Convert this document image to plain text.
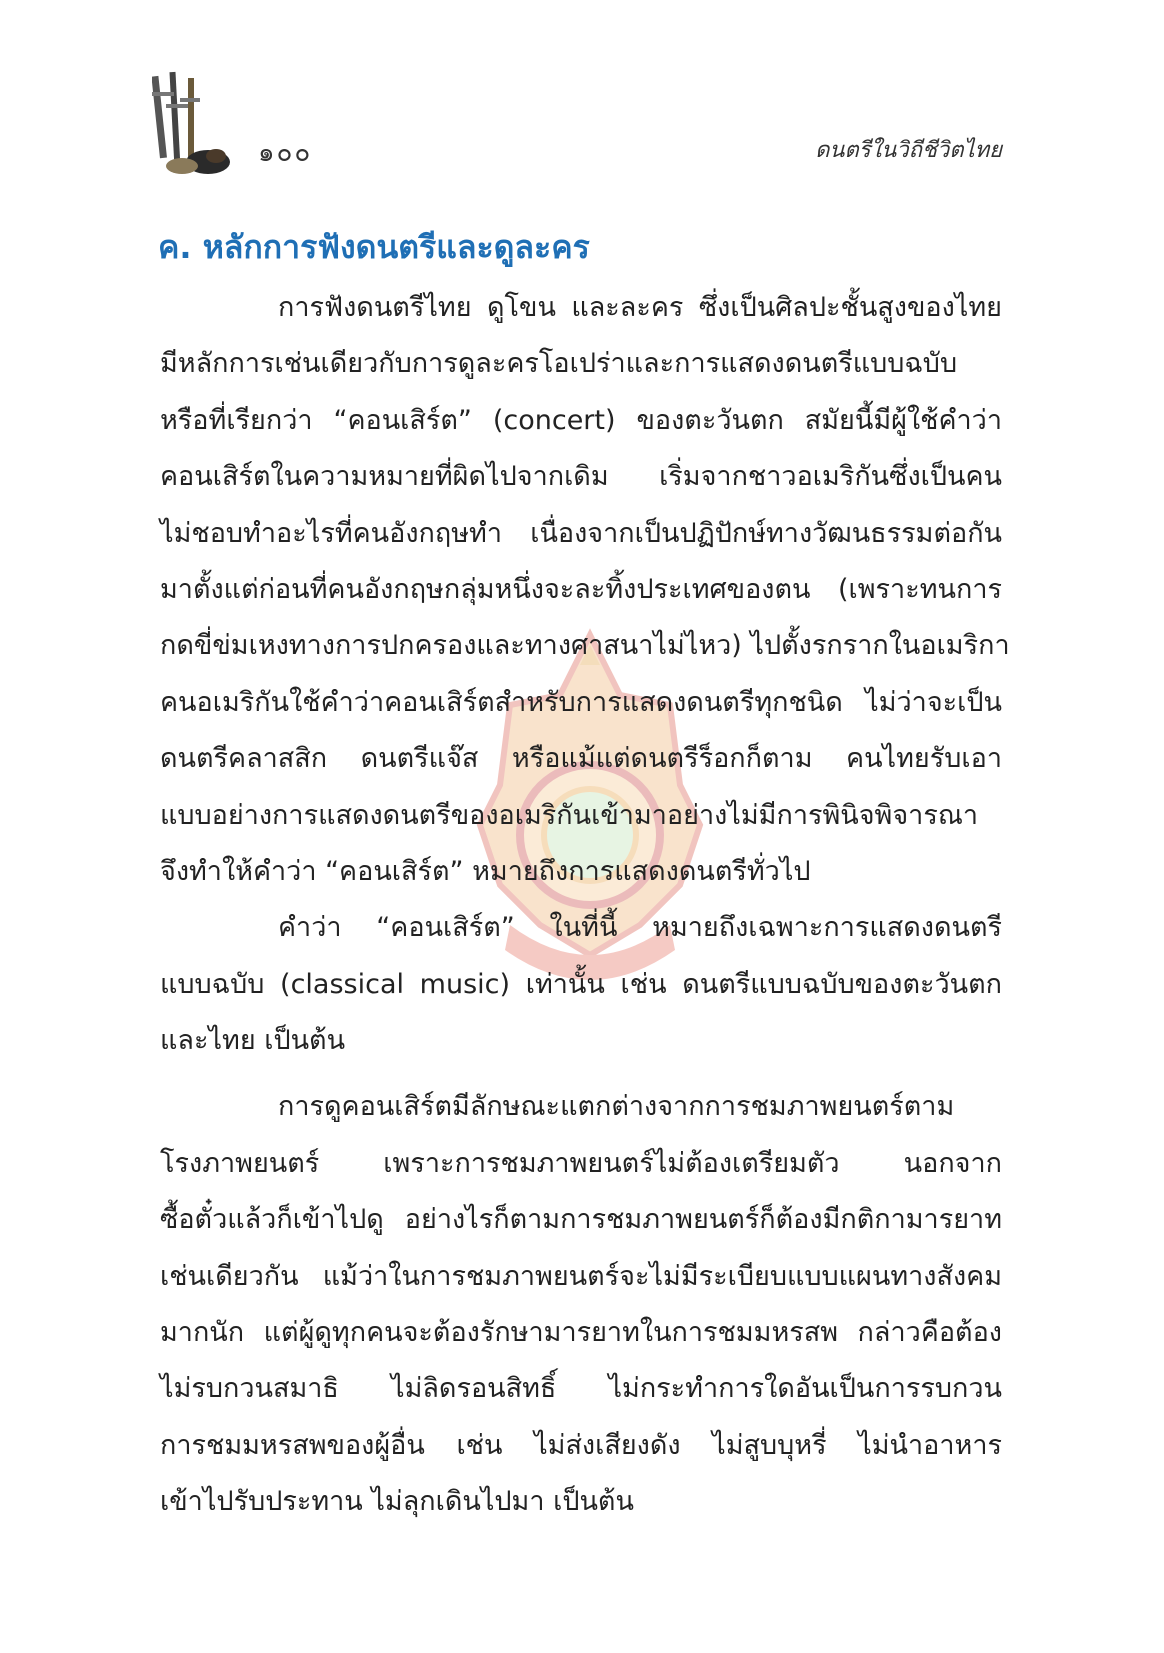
๑๐๐	ดนตรีในวิถีชีวิตไทย
ค. หลักการฟังดนตรีและดูละคร
การฟังดนตรีไทย ดูโขน และละคร ซึ่งเป็นศิลปะชั้นสูงของไทย
มีหลักการเช่นเดียวกับการดูละครโอเปร่าและการแสดงดนตรีแบบฉบับ
หรือที่เรียกว่า “คอนเสิร์ต” (concert) ของตะวันตก สมัยนี้มีผู้ใช้คำว่า
คอนเสิร์ตในความหมายที่ผิดไปจากเดิม เริ่มจากชาวอเมริกันซึ่งเป็นคน
ไม่ชอบทำอะไรที่คนอังกฤษทำ เนื่องจากเป็นปฏิปักษ์ทางวัฒนธรรมต่อกัน
มาตั้งแต่ก่อนที่คนอังกฤษกลุ่มหนึ่งจะละทิ้งประเทศของตน (เพราะทนการ
กดขี่ข่มเหงทางการปกครองและทางศาสนาไม่ไหว) ไปตั้งรกรากในอเมริกา
คนอเมริกันใช้คำว่าคอนเสิร์ตสำหรับการแสดงดนตรีทุกชนิด ไม่ว่าจะเป็น
ดนตรีคลาสสิก ดนตรีแจ๊ส หรือแม้แต่ดนตรีร็อกก็ตาม คนไทยรับเอา
แบบอย่างการแสดงดนตรีของอเมริกันเข้ามาอย่างไม่มีการพินิจพิจารณา
จึงทำให้คำว่า “คอนเสิร์ต” หมายถึงการแสดงดนตรีทั่วไป
คำว่า “คอนเสิร์ต” ในที่นี้ หมายถึงเฉพาะการแสดงดนตรี
แบบฉบับ (classical music) เท่านั้น เช่น ดนตรีแบบฉบับของตะวันตก
และไทย เป็นต้น
การดูคอนเสิร์ตมีลักษณะแตกต่างจากการชมภาพยนตร์ตาม
โรงภาพยนตร์ เพราะการชมภาพยนตร์ไม่ต้องเตรียมตัว นอกจาก
ซื้อตั๋วแล้วก็เข้าไปดู อย่างไรก็ตามการชมภาพยนตร์ก็ต้องมีกติกามารยาท
เช่นเดียวกัน แม้ว่าในการชมภาพยนตร์จะไม่มีระเบียบแบบแผนทางสังคม
มากนัก แต่ผู้ดูทุกคนจะต้องรักษามารยาทในการชมมหรสพ กล่าวคือต้อง
ไม่รบกวนสมาธิ ไม่ลิดรอนสิทธิ์ ไม่กระทำการใดอันเป็นการรบกวน
การชมมหรสพของผู้อื่น เช่น ไม่ส่งเสียงดัง ไม่สูบบุหรี่ ไม่นำอาหาร
เข้าไปรับประทาน ไม่ลุกเดินไปมา เป็นต้น
